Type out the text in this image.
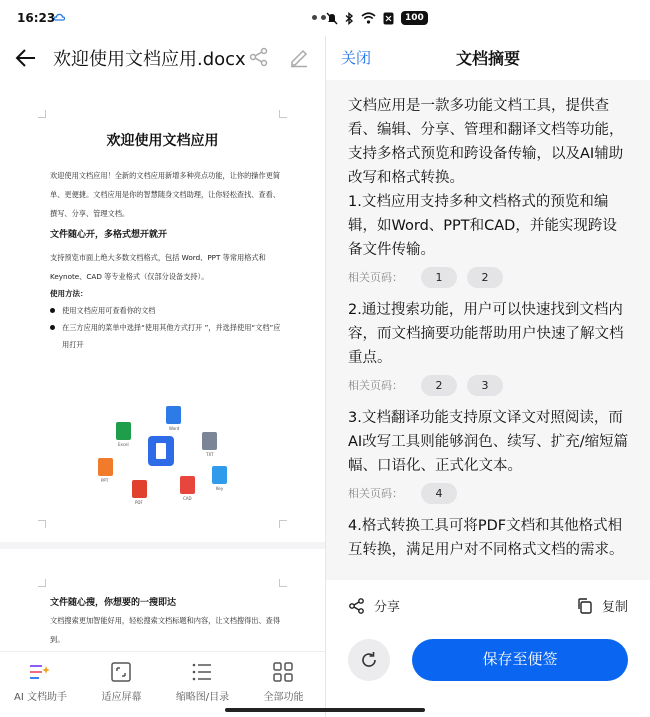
16:23	100
欢迎使用文档应用.docx
欢迎使用文档应用
欢迎使用文档应用！全新的文档应用新增多种亮点功能，让你的操作更简单、更便捷。文档应用是你的智慧随身文档助理，让你轻松查找、查看、撰写、分享、管理文档。
文件随心开，多格式想开就开
支持预览市面上绝大多数文档格式，包括 Word、PPT 等常用格式和 Keynote、CAD 等专业格式（仅部分设备支持）。
使用方法：
使用文档应用可查看你的文档
在三方应用的菜单中选择“使用其他方式打开 ”，并选择使用“文档”应用打开
Word
TXT
Excel
PPT
PDF
CAD
Key
文件随心搜，你想要的一搜即达
文档搜索更加智能好用，轻松搜索文档标题和内容，让文档搜得出、查得到。
AI 文档助手	适应屏幕	缩略图/目录	全部功能
关闭	文档摘要
文档应用是一款多功能文档工具，提供查看、编辑、分享、管理和翻译文档等功能，支持多格式预览和跨设备传输，以及AI辅助改写和格式转换。
1.文档应用支持多种文档格式的预览和编辑，如Word、PPT和CAD，并能实现跨设备文件传输。
相关页码：	1	2
2.通过搜索功能，用户可以快速找到文档内容，而文档摘要功能帮助用户快速了解文档重点。
相关页码：	2	3
3.文档翻译功能支持原文译文对照阅读，而AI改写工具则能够润色、续写、扩充/缩短篇幅、口语化、正式化文本。
相关页码：	4
4.格式转换工具可将PDF文档和其他格式相互转换，满足用户对不同格式文档的需求。
分享	复制
保存至便签
